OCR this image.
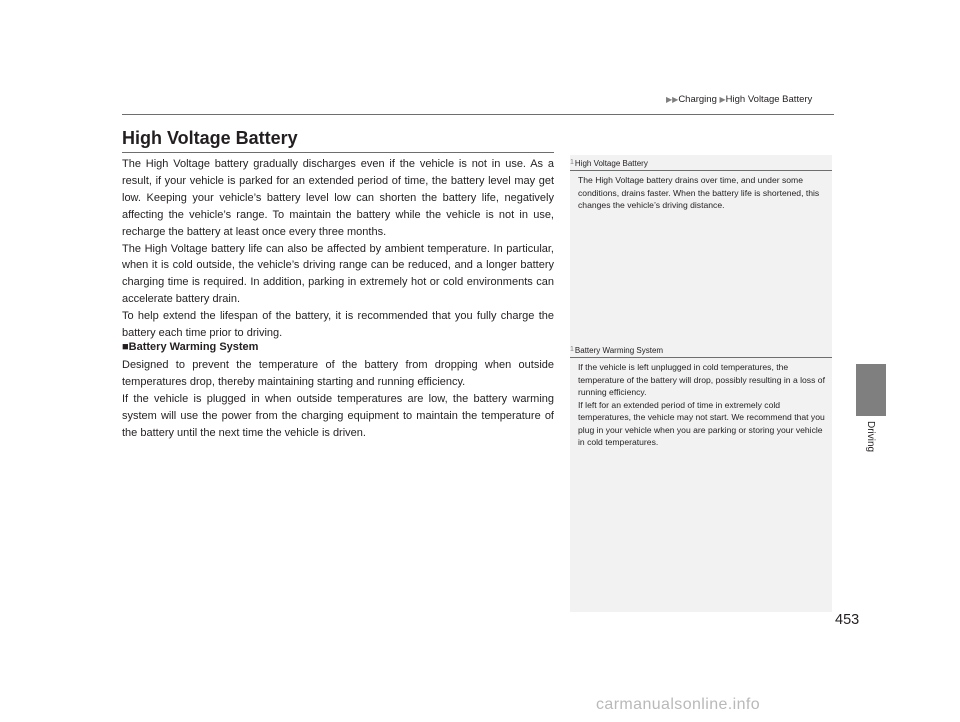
▶▶Charging ▶High Voltage Battery
High Voltage Battery
The High Voltage battery gradually discharges even if the vehicle is not in use. As a result, if your vehicle is parked for an extended period of time, the battery level may get low. Keeping your vehicle’s battery level low can shorten the battery life, negatively affecting the vehicle’s range. To maintain the battery while the vehicle is not in use, recharge the battery at least once every three months.
The High Voltage battery life can also be affected by ambient temperature. In particular, when it is cold outside, the vehicle’s driving range can be reduced, and a longer battery charging time is required. In addition, parking in extremely hot or cold environments can accelerate battery drain.
To help extend the lifespan of the battery, it is recommended that you fully charge the battery each time prior to driving.
■Battery Warming System
Designed to prevent the temperature of the battery from dropping when outside temperatures drop, thereby maintaining starting and running efficiency.
If the vehicle is plugged in when outside temperatures are low, the battery warming system will use the power from the charging equipment to maintain the temperature of the battery until the next time the vehicle is driven.
1High Voltage Battery

The High Voltage battery drains over time, and under some conditions, drains faster. When the battery life is shortened, this changes the vehicle’s driving distance.

1Battery Warming System
If the vehicle is left unplugged in cold temperatures, the temperature of the battery will drop, possibly resulting in a loss of running efficiency.
If left for an extended period of time in extremely cold temperatures, the vehicle may not start. We recommend that you plug in your vehicle when you are parking or storing your vehicle in cold temperatures.	Driving
453
carmanualsonline.info
